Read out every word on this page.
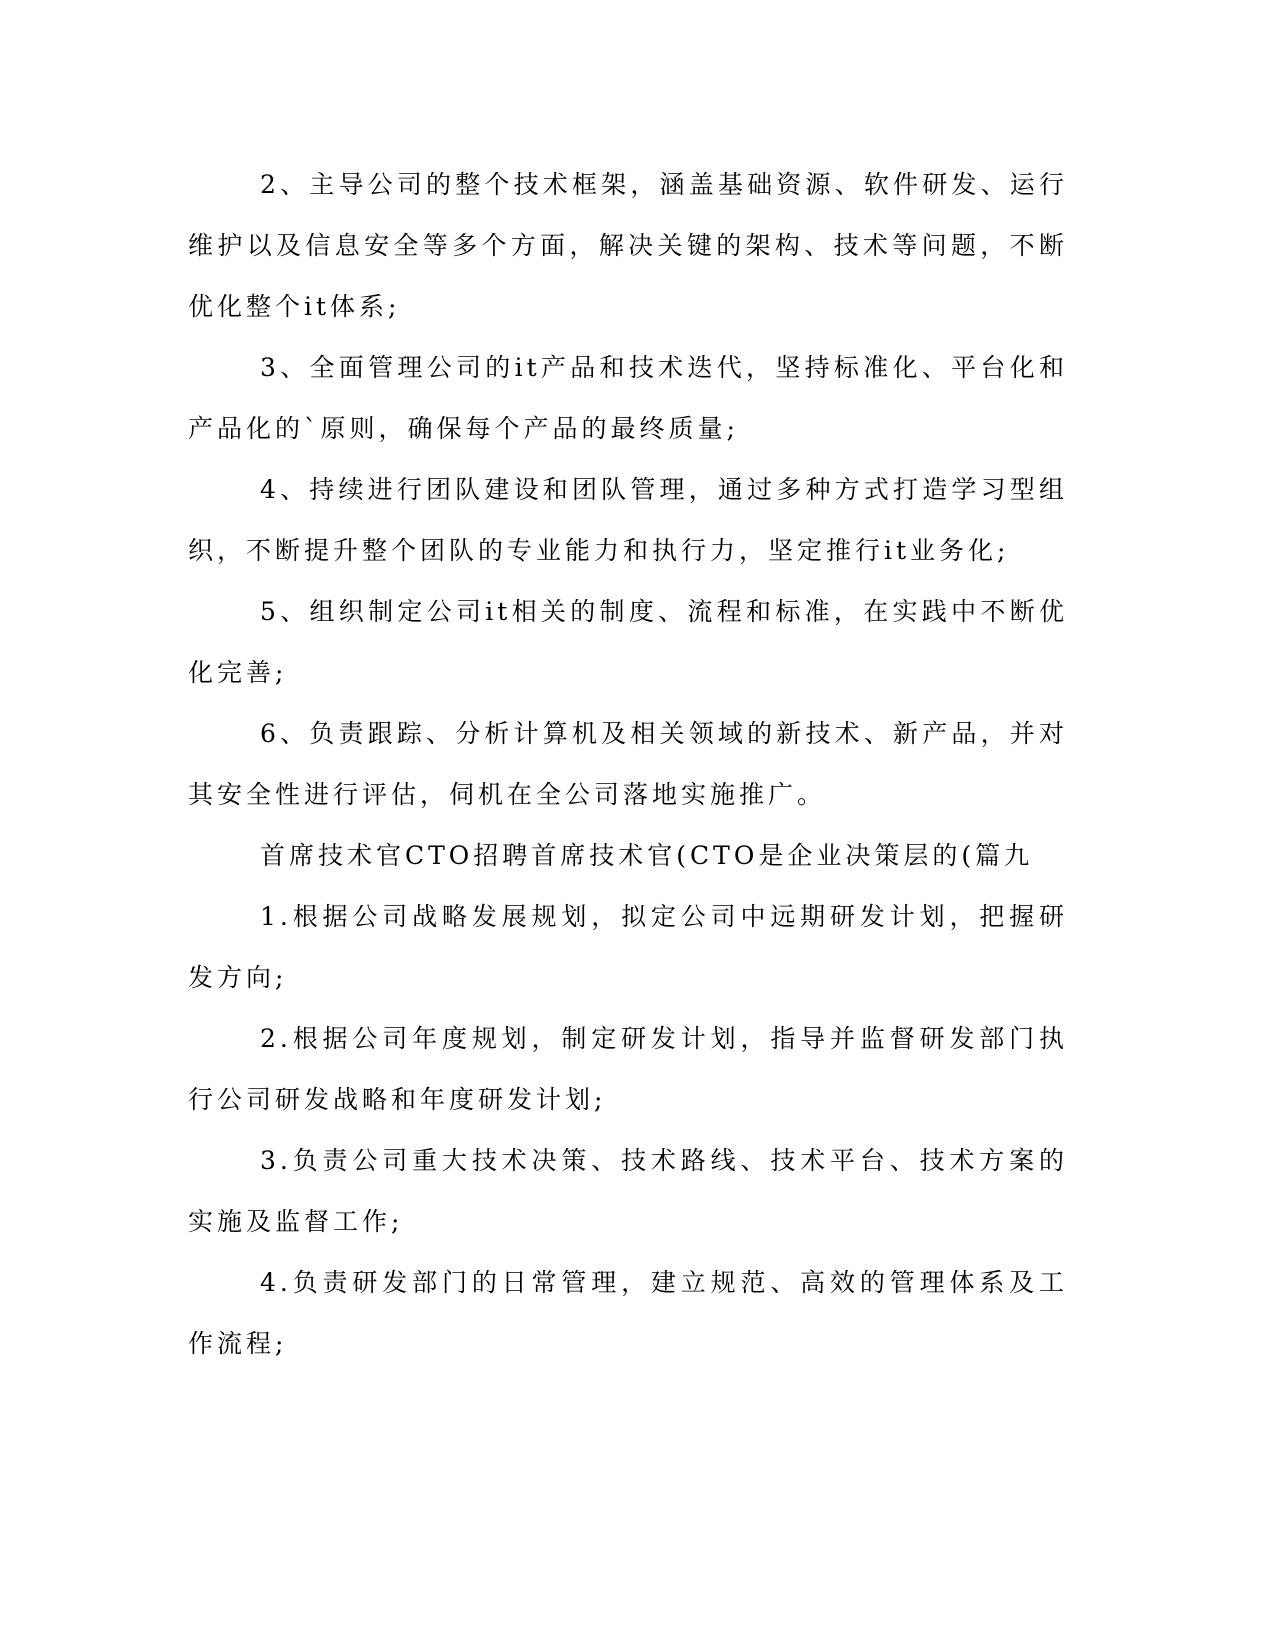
2、主导公司的整个技术框架，涵盖基础资源、软件研发、运行维护以及信息安全等多个方面，解决关键的架构、技术等问题，不断优化整个it体系;

3、全面管理公司的it产品和技术迭代，坚持标准化、平台化和产品化的`原则，确保每个产品的最终质量;

4、持续进行团队建设和团队管理，通过多种方式打造学习型组织，不断提升整个团队的专业能力和执行力，坚定推行it业务化;

5、组织制定公司it相关的制度、流程和标准，在实践中不断优化完善;

6、负责跟踪、分析计算机及相关领域的新技术、新产品，并对其安全性进行评估，伺机在全公司落地实施推广。

首席技术官CTO招聘首席技术官(CTO是企业决策层的(篇九

1.根据公司战略发展规划，拟定公司中远期研发计划，把握研发方向;

2.根据公司年度规划，制定研发计划，指导并监督研发部门执行公司研发战略和年度研发计划;

3.负责公司重大技术决策、技术路线、技术平台、技术方案的实施及监督工作;

4.负责研发部门的日常管理，建立规范、高效的管理体系及工作流程;
